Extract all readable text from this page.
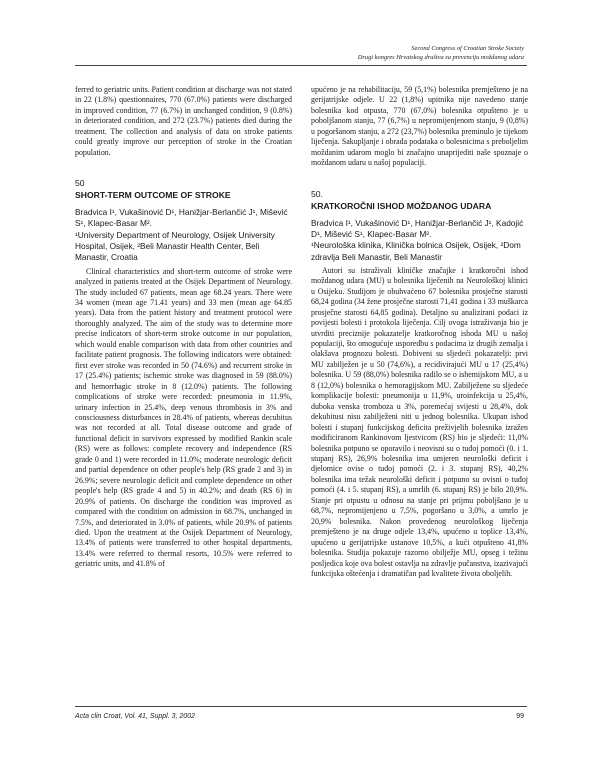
Second Congress of Croatian Stroke Society
Drugi kongres Hrvatskog društva za prevenciju moždanog udara

ferred to geriatric units. Patient condition at discharge was not stated in 22 (1.8%) questionnaires, 770 (67.0%) patients were discharged in improved condition, 77 (6.7%) in unchanged condition, 9 (0.8%) in deteriorated condition, and 272 (23.7%) patients died during the treatment. The collection and analysis of data on stroke patients could greatly improve our perception of stroke in the Croatian population.

50

SHORT-TERM OUTCOME OF STROKE

Bradvica I¹, Vukašinović D¹, Hanižjar-Berlančić J¹, Mišević S¹, Klapec-Basar M².

¹University Department of Neurology, Osijek University Hospital, Osijek, ²Beli Manastir Health Center, Beli Manastir, Croatia

Clinical characteristics and short-term outcome of stroke were analyzed in patients treated at the Osijek Department of Neurology. The study included 67 patients, mean age 68.24 years. There were 34 women (mean age 71.41 years) and 33 men (mean age 64.85 years). Data from the patient history and treatment protocol were thoroughly analyzed. The aim of the study was to determine more precise indicators of short-term stroke outcome in our population, which would enable comparison with data from other countries and facilitate patient prognosis. The following indicators were obtained: first ever stroke was recorded in 50 (74.6%) and recurrent stroke in 17 (25.4%) patients; ischemic stroke was diagnosed in 59 (88.0%) and hemorrhagic stroke in 8 (12.0%) patients. The following complications of stroke were recorded: pneumonia in 11.9%, urinary infection in 25.4%, deep venous thrombosis in 3% and consciousness disturbances in 28.4% of patients, whereas decubitus was not recorded at all. Total disease outcome and grade of functional deficit in survivors expressed by modified Rankin scale (RS) were as follows: complete recovery and independence (RS grade 0 and 1) were recorded in 11.0%; moderate neurologic deficit and partial dependence on other people's help (RS grade 2 and 3) in 26.9%; severe neurologic deficit and complete dependence on other people's help (RS grade 4 and 5) in 40.2%; and death (RS 6) in 20.9% of patients. On discharge the condition was improved as compared with the condition on admission in 68.7%, unchanged in 7.5%, and deteriorated in 3.0% of patients, while 20.9% of patients died. Upon the treatment at the Osijek Department of Neurology, 13.4% of patients were transferred to other hospital departments, 13.4% were referred to thermal resorts, 10.5% were referred to geriatric units, and 41.8% of

upućeno je na rehabilitaciju, 59 (5,1%) bolesnika premješteno je na gerijatrijske odjele. U 22 (1,8%) upitnika nije navedeno stanje bolesnika kod otpusta, 770 (67,0%) bolesnika otpušteno je u poboljšanom stanju, 77 (6,7%) u nepromijenjenom stanju, 9 (0,8%) u pogoršanom stanju, a 272 (23,7%) bolesnika preminulo je tijekom liječenja. Sakupljanje i obrada podataka o bolesnicima s preboljelim moždanim udarom moglo bi značajno unaprijediti naše spoznaje o moždanom udaru u našoj populaciji.

50.

KRATKOROČNI ISHOD MOŽDANOG UDARA

Bradvica I¹, Vukašinović D¹, Hanižjar-Berlančić J¹, Kadojić D¹, Mišević S¹, Klapec-Basar M².

¹Neurološka klinika, Klinička bolnica Osijek, Osijek, ²Dom zdravlja Beli Manastir, Beli Manastir

Autori su istraživali kliničke značajke i kratkoročni ishod moždanog udara (MU) u bolesnika liječenih na Neurološkoj klinici u Osijeku. Studijom je obuhvaćeno 67 bolesnika prosječne starosti 68,24 godina (34 žene prosječne starosti 71,41 godina i 33 muškarca prosječne starosti 64,85 godina). Detaljno su analizirani podaci iz povijesti bolesti i protokola liječenja. Cilj ovoga istraživanja bio je utvrditi preciznije pokazatelje kratkoročnog ishoda MU u našoj populaciji, što omogućuje usporedbu s podacima iz drugih zemalja i olakšava prognozu bolesti. Dobiveni su sljedeći pokazatelji: prvi MU zabilježen je u 50 (74,6%), a recidivirajući MU u 17 (25,4%) bolesnika. U 59 (88,0%) bolesnika radilo se o ishemijskom MU, a u 8 (12,0%) bolesnika o hemoragijskom MU. Zabilježene su sljedeće komplikacije bolesti: pneumonija u 11,9%, uroinfekcija u 25,4%, duboka venska tromboza u 3%, poremećaj svijesti u 28,4%, dok dekubitusi nisu zabilježeni niti u jednog bolesnika. Ukupan ishod bolesti i stupanj funkcijskog deficita preživjelih bolesnika izražen modificiranom Rankinovom ljestvicom (RS) bio je sljedeći: 11,0% bolesnika potpuno se oporavilo i neovisni su o tuđoj pomoći (0. i 1. stupanj RS), 26,9% bolesnika ima umjeren neurološki deficit i djelomice ovise o tuđoj pomoći (2. i 3. stupanj RS), 40,2% bolesnika ima težak neurološki deficit i potpuno su ovisni o tuđoj pomoći (4. i 5. stupanj RS), a umrlih (6. stupanj RS) je bilo 20,9%. Stanje pri otpustu u odnosu na stanje pri prijmu poboljšano je u 68,7%, nepromijenjeno u 7,5%, pogoršano u 3,0%, a umrlo je 20,9% bolesnika. Nakon provedenog neurološkog liječenja premješteno je na druge odjele 13,4%, upućeno u toplice 13,4%, upućeno u gerijatrijske ustanove 10,5%, a kući otpušteno 41,8% bolesnika. Studija pokazuje razorno obilježje MU, opseg i težinu posljedica koje ova bolest ostavlja na zdravlje pučanstva, izazivajući funkcijska oštećenja i dramatičan pad kvalitete života oboljelih.

Acta clin Croat, Vol. 41, Suppl. 3, 2002	99
